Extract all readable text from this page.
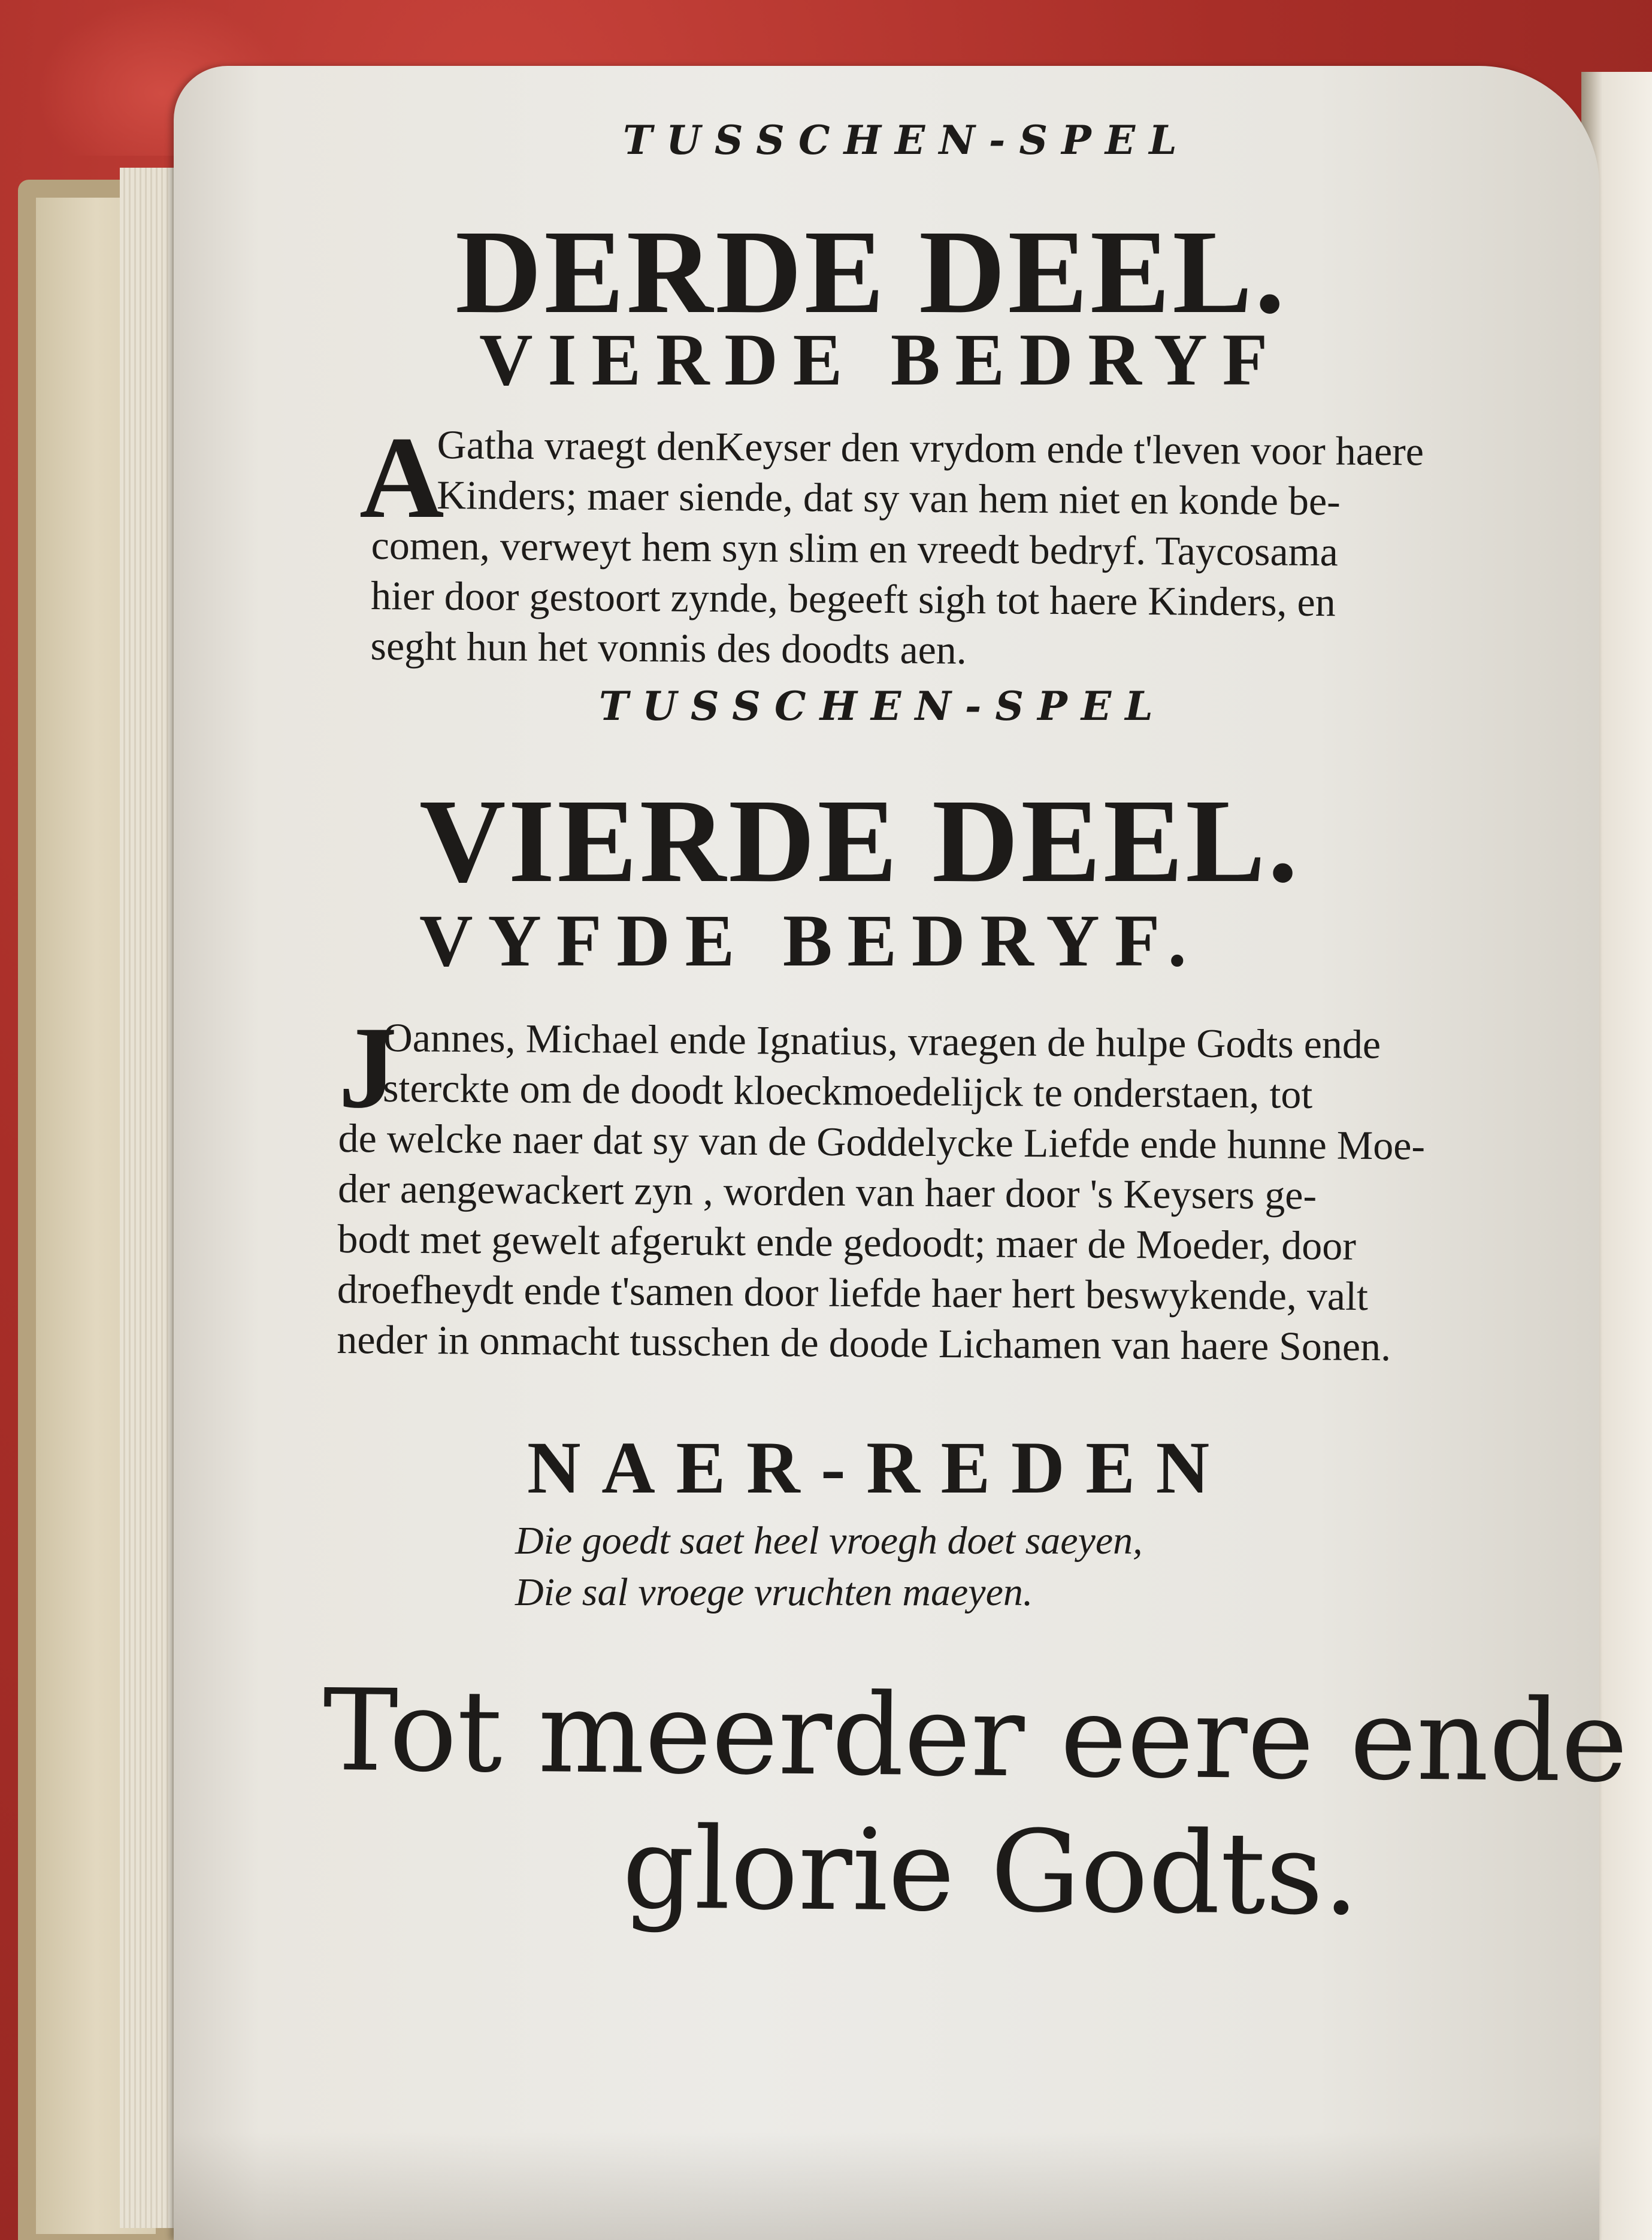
TUSSCHEN-SPEL
DERDE DEEL.
VIERDE BEDRYF
A
Gatha vraegt denKeyser den vrydom ende t'leven voor haere
Kinders; maer siende, dat sy van hem niet en konde be-
comen, verweyt hem syn slim en vreedt bedryf. Taycosama
hier door gestoort zynde, begeeft sigh tot haere Kinders, en
seght hun het vonnis des doodts aen.
TUSSCHEN-SPEL
VIERDE DEEL.
VYFDE BEDRYF.
J
Oannes, Michael ende Ignatius, vraegen de hulpe Godts ende
sterckte om de doodt kloeckmoedelijck te onderstaen, tot
de welcke naer dat sy van de Goddelycke Liefde ende hunne Moe-
der aengewackert zyn , worden van haer door 's Keysers ge-
bodt met gewelt afgerukt ende gedoodt; maer de Moeder, door
droefheydt ende t'samen door liefde haer hert beswykende, valt
neder in onmacht tusschen de doode Lichamen van haere Sonen.
NAER-REDEN
Die goedt saet heel vroegh doet saeyen,
Die sal vroege vruchten maeyen.
Tot meerder eere ende
glorie Godts.
